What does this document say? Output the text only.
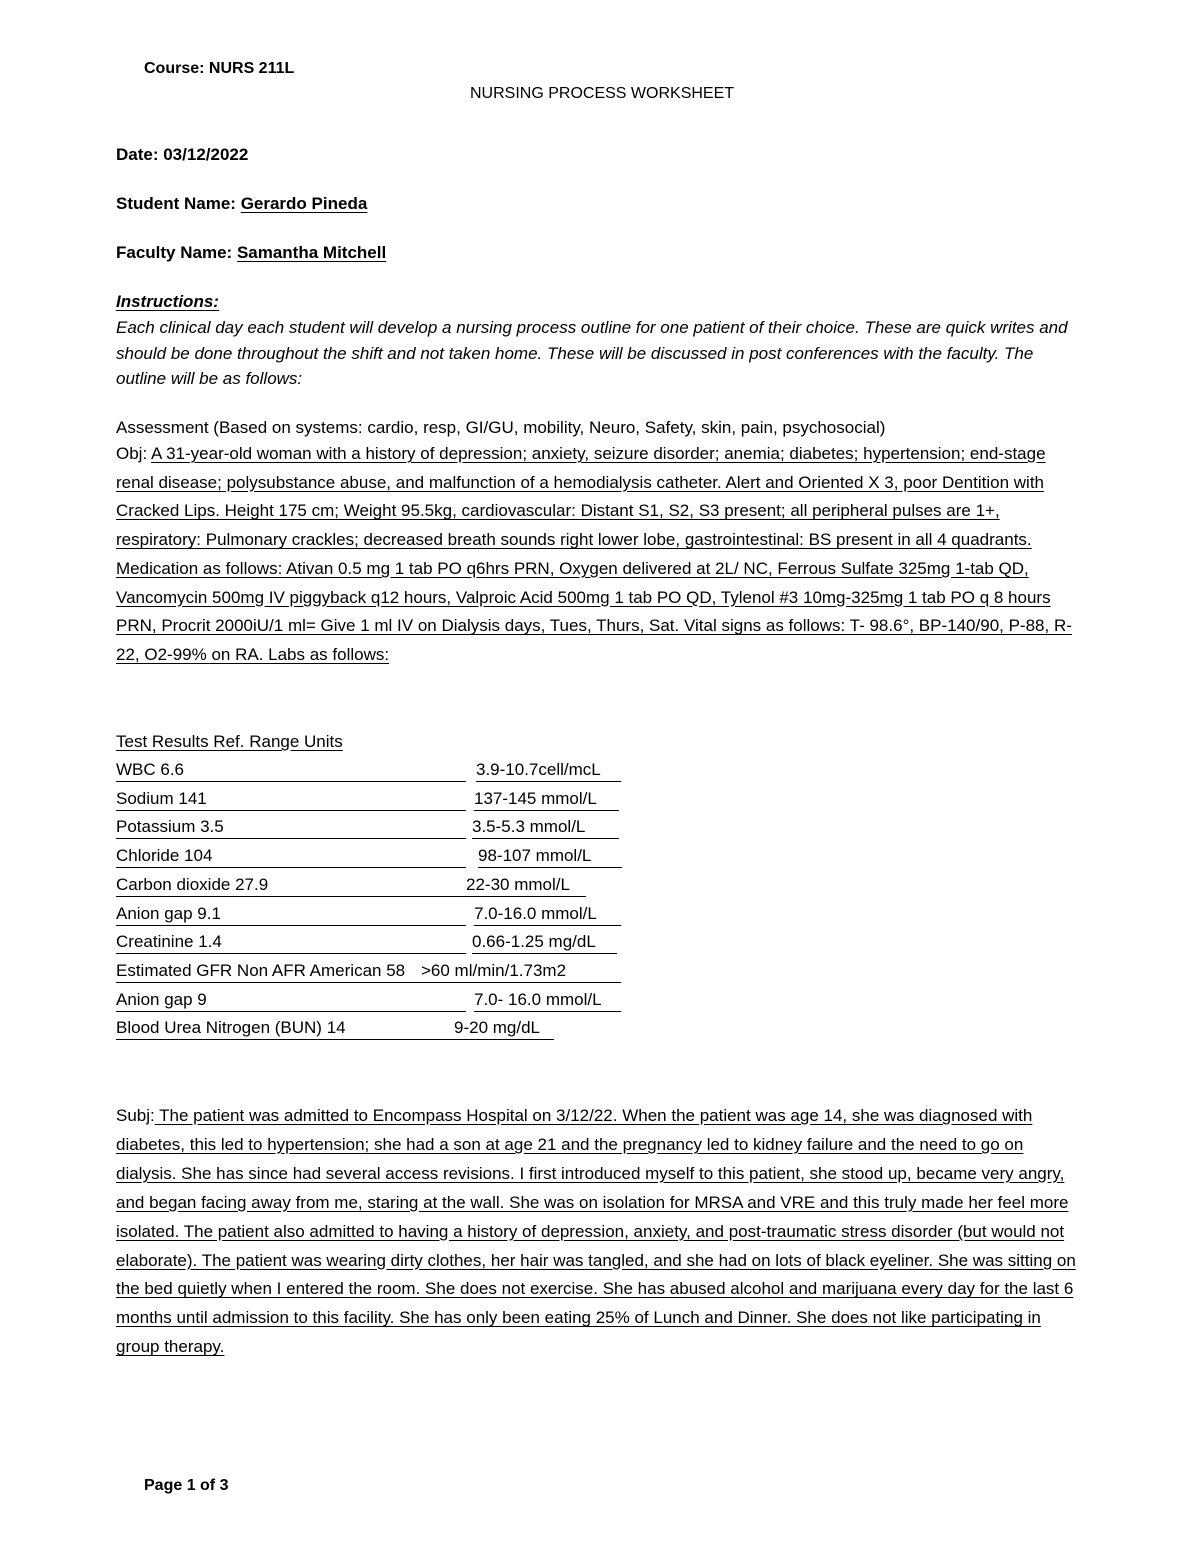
Course: NURS 211L
NURSING PROCESS WORKSHEET
Date: 03/12/2022
Student Name: Gerardo Pineda
Faculty Name: Samantha Mitchell
Instructions:
Each clinical day each student will develop a nursing process outline for one patient of their choice. These are quick writes and should be done throughout the shift and not taken home. These will be discussed in post conferences with the faculty. The outline will be as follows:
Assessment (Based on systems: cardio, resp, GI/GU, mobility, Neuro, Safety, skin, pain, psychosocial)
Obj: A 31-year-old woman with a history of depression; anxiety, seizure disorder; anemia; diabetes; hypertension; end-stage renal disease; polysubstance abuse, and malfunction of a hemodialysis catheter. Alert and Oriented X 3, poor Dentition with Cracked Lips. Height 175 cm; Weight 95.5kg, cardiovascular: Distant S1, S2, S3 present; all peripheral pulses are 1+, respiratory: Pulmonary crackles; decreased breath sounds right lower lobe, gastrointestinal: BS present in all 4 quadrants. Medication as follows: Ativan 0.5 mg 1 tab PO q6hrs PRN, Oxygen delivered at 2L/ NC, Ferrous Sulfate 325mg 1-tab QD, Vancomycin 500mg IV piggyback q12 hours, Valproic Acid 500mg 1 tab PO QD, Tylenol #3 10mg-325mg 1 tab PO q 8 hours PRN, Procrit 2000iU/1 ml= Give 1 ml IV on Dialysis days, Tues, Thurs, Sat. Vital signs as follows: T- 98.6°, BP-140/90, P-88, R-22, O2-99% on RA. Labs as follows:
Test Results Ref. Range Units
WBC 6.6	3.9-10.7cell/mcL
Sodium 141	137-145 mmol/L
Potassium 3.5	3.5-5.3 mmol/L
Chloride 104	98-107 mmol/L
Carbon dioxide 27.9	22-30 mmol/L
Anion gap 9.1	7.0-16.0 mmol/L
Creatinine 1.4	0.66-1.25 mg/dL
Estimated GFR Non AFR American 58 >60 ml/min/1.73m2
Anion gap 9	7.0- 16.0 mmol/L
Blood Urea Nitrogen (BUN) 14	9-20 mg/dL
Subj: The patient was admitted to Encompass Hospital on 3/12/22. When the patient was age 14, she was diagnosed with diabetes, this led to hypertension; she had a son at age 21 and the pregnancy led to kidney failure and the need to go on dialysis. She has since had several access revisions. I first introduced myself to this patient, she stood up, became very angry, and began facing away from me, staring at the wall. She was on isolation for MRSA and VRE and this truly made her feel more isolated. The patient also admitted to having a history of depression, anxiety, and post-traumatic stress disorder (but would not elaborate). The patient was wearing dirty clothes, her hair was tangled, and she had on lots of black eyeliner. She was sitting on the bed quietly when I entered the room. She does not exercise. She has abused alcohol and marijuana every day for the last 6 months until admission to this facility. She has only been eating 25% of Lunch and Dinner. She does not like participating in group therapy.
Page 1 of 3
